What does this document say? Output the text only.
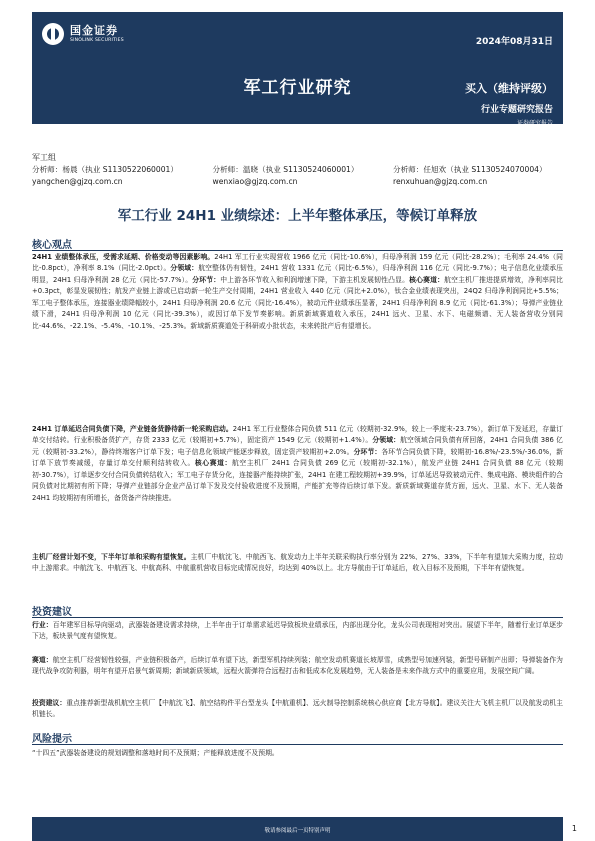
国金证券
SINOLINK SECURITIES	2024年08月31日
军工行业研究	买入（维持评级）
行业专题研究报告
证券研究报告
军工组
分析师：杨晨（执业 S1130522060001）
yangchen@gjzq.com.cn
分析师：温晓（执业 S1130524060001）
wenxiao@gjzq.com.cn
分析师：任旭欢（执业 S1130524070004）
renxuhuan@gjzq.com.cn
军工行业 24H1 业绩综述：上半年整体承压，等候订单释放
核心观点
24H1 业绩整体承压，受需求延期、价格变动等因素影响。24H1 军工行业实现营收 1966 亿元（同比-10.6%），归母净利润 159 亿元（同比-28.2%）；毛利率 24.4%（同比-0.8pct），净利率 8.1%（同比-2.0pct）。分领域：航空整体仍有韧性，24H1 营收 1331 亿元（同比-6.5%），归母净利润 116 亿元（同比-9.7%）；电子信息化业绩承压明显，24H1 归母净利润 28 亿元（同比-57.7%）。分环节：中上游各环节收入和利润增速下降，下游主机发展韧性凸显。核心赛道：航空主机厂推进提质增效，净利率同比+0.3pct，彰显发展韧性；航发产业链上游或已启动新一轮生产交付周期，24H1 营业收入 440 亿元（同比+2.0%），钛合金业绩表现突出，24Q2 归母净利润同比+5.5%；军工电子整体承压，连接器业绩降幅较小，24H1 归母净利润 20.6 亿元（同比-16.4%），被动元件业绩承压显著，24H1 归母净利润 8.9 亿元（同比-61.3%）；导弹产业链业绩下滑，24H1 归母净利润 10 亿元（同比-39.3%），或因订单下发节奏影响。新质新域赛道收入承压，24H1 远火、卫星、水下、电磁频谱、无人装备营收分别同比-44.6%、-22.1%、-5.4%、-10.1%、-25.3%。新域新质赛道处于科研或小批状态，未来转批产后有望增长。
24H1 订单延迟合同负债下降，产业链备货静待新一轮采购启动。24H1 军工行业整体合同负债 511 亿元（较期初-32.9%，较上一季度末-23.7%），新订单下发延迟，存量订单交付结转。行业积极备货扩产，存货 2333 亿元（较期初+5.7%），固定资产 1549 亿元（较期初+1.4%）。分领域：航空领域合同负债有所回落，24H1 合同负债 386 亿元（较期初-33.2%），静待终端客户订单下发；电子信息化领域产能逐步释放，固定资产较期初+2.0%。分环节：各环节合同负债下降，较期初-16.8%/-23.5%/-36.0%，新订单下放节奏减缓，存量订单交付顺利结转收入。核心赛道：航空主机厂 24H1 合同负债 269 亿元（较期初-32.1%），航发产业链 24H1 合同负债 88 亿元（较期初-30.7%），订单逐步交付合同负债转结收入；军工电子存货分化，连接器产能持续扩张，24H1 在建工程较期初+39.9%，订单延迟导致被动元件、集成电路、模块组件的合同负债对比期初有所下降；导弹产业链部分企业产品订单下发及交付验收进度不及预期，产能扩充等待后续订单下发。新质新域赛道存货方面，远火、卫星、水下、无人装备 24H1 均较期初有所增长，备货备产待续推进。
主机厂经营计划不变，下半年订单和采购有望恢复。主机厂中航沈飞、中航西飞、航发动力上半年关联采购执行率分别为 22%、27%、33%，下半年有望加大采购力度，拉动中上游需求。中航沈飞、中航西飞、中航高科、中航重机营收目标完成情况良好，均达到 40%以上。北方导航由于订单延后，收入目标不及预期，下半年有望恢复。
投资建议
行业：百年建军目标导向驱动，武器装备建设需求持续，上半年由于订单需求延迟导致板块业绩承压，内部出现分化，龙头公司表现相对突出。展望下半年，随着行业订单逐步下达，板块景气度有望恢复。
赛道：航空主机厂经营韧性较强，产业链积极备产，后续订单有望下达，新型军机持续列装；航空发动机赛道长坡厚雪，成熟型号加速列装，新型号研制产出即；导弹装备作为现代战争攻防利器，明年有望开启景气新周期；新域新质领域，远程火箭弹符合远程打击和低成本化发展趋势，无人装备是未来作战方式中的重要应用，发展空间广阔。
投资建议：重点推荐新型战机航空主机厂【中航沈飞】、航空结构件平台型龙头【中航重机】、远火制导控制系统核心供应商【北方导航】。建议关注大飞机主机厂以及航发动机主机链长。
风险提示
“十四五”武器装备建设的规划调整和落地时间不及预期；产能释放进度不及预期。
敬请参阅最后一页特别声明	1
